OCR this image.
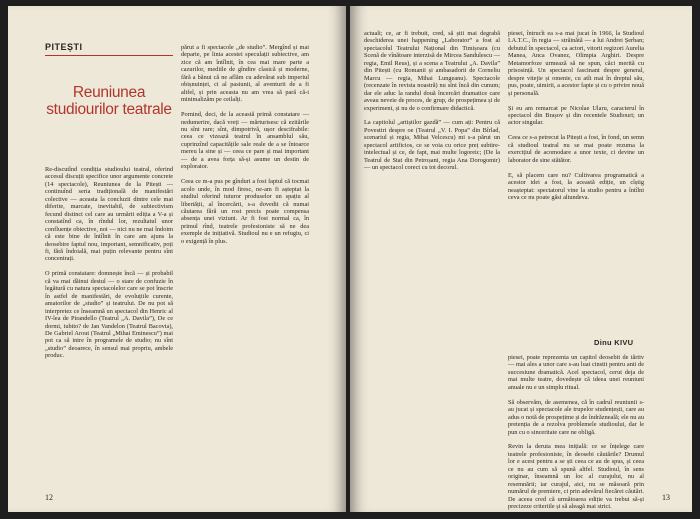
PITEȘTI
Reuniunea studiourilor teatrale
Re-discutînd condiția studioului teatral, oferind accesul discuții specifice unor argumente concrete (14 spectacole), Reuniunea de la Pitești — continuînd seria tradițională de manifestări colective — aceasta la concluzii dintre cele mai diferite, marcate, inevitabil, de subiectivism fecund distinct cel care au urmărit ediția a V-a și constatînd ca, în rîndul lor, rezultatul unor confluențe obiective, noi — nici nu ne mai îndoim că este bine de întîlnit în care am ajuns la deosebire faptul nou, important, semnificativ, poți fi, fără îndoială, mai puțin relevante pentru sînt concentrați.

O primă constatare: domnește încă — și probabil că va mai dăinui destul — o stare de confuzie în legătură cu natura spectacolelor care se pot înscrie în astfel de manifestări, de evoluțiile curente, amatorilor de „studio” și teatrului. De nu pot să interpretez ce înseamnă un spectacol din Henric al IV-lea de Pirandello (Teatrul „A. Davila”), De ce dormi, iubito? de Jan Vandelon (Teatrul Bacovia), De Gabriel Arout (Teatrul „Mihai Eminescu”) mai pot ca să intre în programele de studio; nu sînt „studio” deoarece, în sensul mai propriu, ambele produc.
părut a fi spectacole „de studio”. Mergînd și mai departe, pe linia acestei speculații subiective, am zice că am întîlnit, în cea mai mare parte a cazurilor, mediile de gîndire clasică și moderne, fără a bănui că ne aflăm cu adevărat sub imperiul obișnuinței, ci al pasiunii, al aventurii de a fi altfel, și prin aceasta nu am vrea să pară că-i minimalizăm pe ceilalți.

Pornind, deci, de la această primă constatare — nedumerire, dacă vreți — mărturisesc că ezitările nu sînt rare; sînt, dimpotrivă, ușor descifrabile: ceea ce vizează teatrul în ansamblul său, cuprinzînd capacitățile sale reale de a se întoarce mereu la sine și — ceea ce pare și mai important — de a avea forța să-și asume un destin de explorator.

Ceea ce m-a pus pe gînduri a fost faptul că tocmai acolo unde, în mod firesc, ne-am fi așteptat la studiul oferind tuturor produselor un spațiu al libertății, al încercării, s-a dovedit că numai căutarea fără un rost precis poate compensa absența unei viziuni. Ar fi fost normal ca, în primul rînd, teatrele profesioniste să ne dea exemple de inițiativă. Studioul nu e un refugiu, ci o exigență în plus.
12
actuali; ce, ar fi trebuit, cred, să știi mai degrabă deschiderea unei happening „Laborator” a fost al spectacolul Teatrului Național din Timișoara (cu Scenă de vînătoare interzisă de Mircea Sandulescu — regia, Emil Reus), și a scena a Teatrului „A. Davila” din Pitești (cu Romanii și ambasadorii de Corneliu Marcu — regia, Mihai Lungeanu). Spectacole (recenzate în revista noastră) nu sînt încă din cunum; dar ele aduc la randul două încercări dramatice care aveau neveie de proces, de grup, de prospețimea și de experiment, și nu de o confirmare didactică.

La capitolul „artiștilor gazdă” — cum ați: Pentru că Povestiri despre oe (Teatrul „V. I. Popa” din Bîrlad, scenariul și regia, Mihai Velcescu) mi s-a părut un spectacol artificios, ce se voia cu orice preț subtire-intelectual și ce, de fapt, mai multe logoreic; (De la Teatrul de Stat din Petroșani, regia Ana Dorogomir) — un spectacol corect cu tot decorul.
piesei, întrucît ea s-a mai jucat în 1966, la Studioul I.A.T.C., în regia — străinătă — a lui Andrei Șerban; debutul în spectacol, ca actori, vitorii regizori Aurelia Manea, Anca Ovanez, Olimpia Arghiri. Despre Metamorfoze urmează să ne spun, căci merită cu prisosință. Un spectacol fascinant despre general, despre vitejie și omenie, cu atît mai în dreptul său, pus, poate, uimirii, a acestor fapte și cu o privire nouă și personală.

Și eu am remarcat pe Nicolae Ularu, caracterul în spectacol din Brașov și din recentele Studiouri; un actor singular.

Ceea ce s-a petrecut la Pitești a fost, în fond, un semn că studioul teatral nu se mai poate rezuma la exercițiul de acomodare a unor texte, ci devine un laborator de sine stătător.

E, să placem care nu? Cultivarea programatică a acestor idei a fost, la această ediție, un cîștig neașteptat: spectatorul vine la studio pentru a întîlni ceva ce nu poate găsi altundeva.
Dinu KIVU
piesei, poate reprezenta un capitol deosebit de tărtiv — mai ales a unor care s-au luat cinstit pentru anii de succesiune dramatică. Acel spectacol, cerut deja de mai multe teatre, dovedește că ideea unei reuniuni anuale nu e un simplu ritual.

Să observăm, de asemenea, că în cadrul reuniunii s-au jucat și spectacole ale trupelor studențești, care au adus o notă de prospețime și de îndrăzneală; ele nu au pretenția de a rezolva problemele studioului, dar le pun cu o sinceritate care ne obligă.

Revin la deruta mea inițială: ce se înțelege care teatrele profesioniste, în deosebi căutările? Drumul lor e acest pentru a se ști ceea ce au de spus, și ceea ce nu au cum să spună altfel. Studioul, în sens originar, înseamnă un loc al curajului, nu al resemnării; iar curajul, aici, nu se măsoară prin numărul de premiere, ci prin adevărul fiecărei căutări. De aceea cred că următoarea ediție va trebui să-și precizeze criteriile și să aleagă mai strict.
13
